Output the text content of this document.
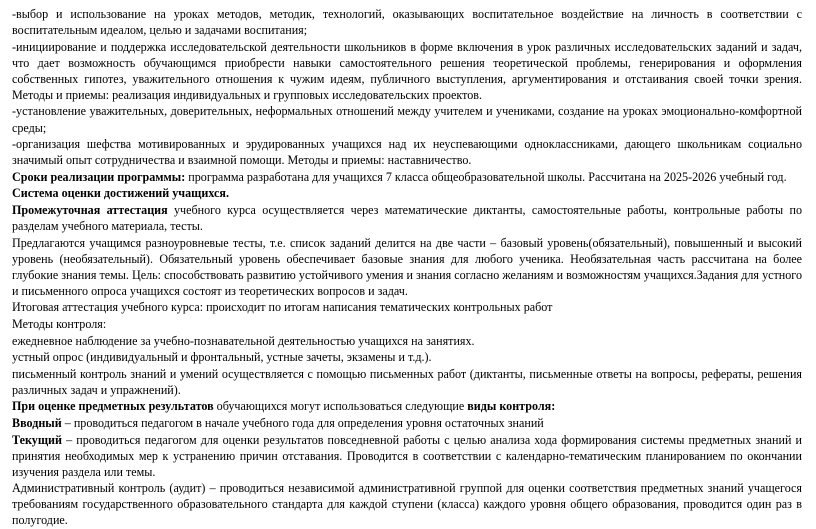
-выбор и использование на уроках методов, методик, технологий, оказывающих воспитательное воздействие на личность в соответствии с воспитательным идеалом, целью и задачами воспитания;

-инициирование и поддержка исследовательской деятельности школьников в форме включения в урок различных исследовательских заданий и задач, что дает возможность обучающимся приобрести навыки самостоятельного решения теоретической проблемы, генерирования и оформления собственных гипотез, уважительного отношения к чужим идеям, публичного выступления, аргументирования и отстаивания своей точки зрения. Методы и приемы: реализация индивидуальных и групповых исследовательских проектов.

-установление уважительных, доверительных, неформальных отношений между учителем и учениками, создание на уроках эмоционально-комфортной среды;

-организация шефства мотивированных и эрудированных учащихся над их неуспевающими одноклассниками, дающего школьникам социально значимый опыт сотрудничества и взаимной помощи. Методы и приемы: наставничество.

Сроки реализации программы: программа разработана для учащихся 7 класса общеобразовательной школы. Рассчитана на 2025-2026 учебный год.

Система оценки достижений учащихся.

Промежуточная аттестация учебного курса осуществляется через математические диктанты, самостоятельные работы, контрольные работы по разделам учебного материала, тесты.

Предлагаются учащимся разноуровневые тесты, т.е. список заданий делится на две части – базовый уровень(обязательный), повышенный и высокий уровень (необязательный). Обязательный уровень обеспечивает базовые знания для любого ученика. Необязательная часть рассчитана на более глубокие знания темы. Цель: способствовать развитию устойчивого умения и знания согласно желаниям и возможностям учащихся.Задания для устного и письменного опроса учащихся состоят из теоретических вопросов и задач.

Итоговая аттестация учебного курса: происходит по итогам написания тематических контрольных работ

Методы контроля:

ежедневное наблюдение за учебно-познавательной деятельностью учащихся на занятиях.

устный опрос (индивидуальный и фронтальный, устные зачеты, экзамены и т.д.).

письменный контроль знаний и умений осуществляется с помощью письменных работ (диктанты, письменные ответы на вопросы, рефераты, решения различных задач и упражнений).

При оценке предметных результатов обучающихся могут использоваться следующие виды контроля:

Вводный – проводиться педагогом в начале учебного года для определения уровня остаточных знаний

Текущий – проводиться педагогом для оценки результатов повседневной работы с целью анализа хода формирования системы предметных знаний и принятия необходимых мер к устранению причин отставания. Проводится в соответствии с календарно-тематическим планированием по окончании изучения раздела или темы.

Административный контроль (аудит) – проводиться независимой административной группой для оценки соответствия предметных знаний учащегося требованиям государственного образовательного стандарта для каждой ступени (класса) каждого уровня общего образования, проводится один раз в полугодие.
